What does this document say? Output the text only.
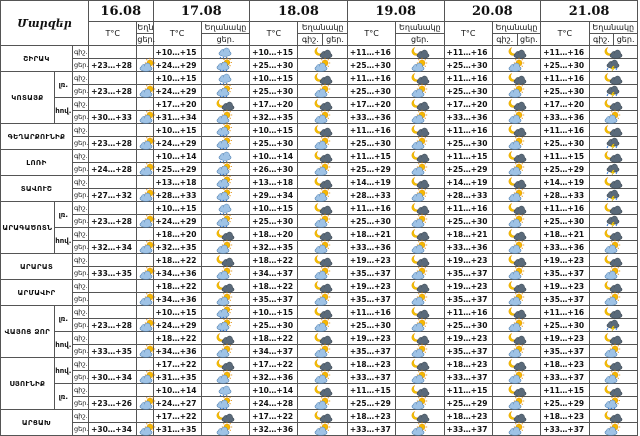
Մարզեր			16.08		17.08		18.08			19.08		20.08			21.08		
			T°C	Եղն	T°C	Եղանակը	T°C	Եղանակը		T°C	Եղանակը	T°C	Եղանակը		T°C	Եղանակը	
				ցեր.		ցեր.		գիշ.	ցեր.		ցեր.		գիշ.	ցեր.		գիշ.	ցեր.
ՇԻՐԱԿ		գիշ.			+10…+15		+10…+15			+11…+16		+11…+16			+11…+16	

		ցեր.	+23…+28		+24…+29		+25…+30			+25…+30		+25…+30			+25…+30	

ԿՈՏԱՅՔ	լռ.	գիշ.			+10…+15		+10…+15			+11…+16		+11…+16			+11…+16	

		ցեր.	+23…+28		+24…+29		+25…+30			+25…+30		+25…+30			+25…+30	

	հով.	գիշ.			+17…+20		+17…+20			+17…+20		+17…+20			+17…+20	

		ցեր.	+30…+33		+31…+34		+32…+35			+33…+36		+33…+36			+33…+36	

ԳԵՂԱՐՔՈՒՆԻՔ		գիշ.			+10…+15		+10…+15			+11…+16		+11…+16			+11…+16	

		ցեր.	+23…+28		+24…+29		+25…+30			+25…+30		+25…+30			+25…+30	

ԼՈՌԻ		գիշ.			+10…+14		+10…+14			+11…+15		+11…+15			+11…+15	

		ցեր.	+24…+28		+25…+29		+26…+30			+25…+29		+25…+29			+25…+29	

ՏԱՎՈՒՇ		գիշ.			+13…+18		+13…+18			+14…+19		+14…+19			+14…+19	

		ցեր.	+27…+32		+28…+33		+29…+34			+28…+33		+28…+33			+28…+33	

ԱՐԱԳԱԾՈՏՆ	լռ.	գիշ.			+10…+15		+10…+15			+11…+16		+11…+16			+11…+16	

		ցեր.	+23…+28		+24…+29		+25…+30			+25…+30		+25…+30			+25…+30	

	հով.	գիշ.			+18…+20		+18…+20			+18…+21		+18…+21			+18…+21	

		ցեր.	+32…+34		+32…+35		+32…+35			+33…+36		+33…+36			+33…+36	

ԱՐԱՐԱՏ		գիշ.			+18…+22		+18…+22			+19…+23		+19…+23			+19…+23	

		ցեր.	+33…+35		+34…+36		+34…+37			+35…+37		+35…+37			+35…+37	

ԱՐՄԱՎԻՐ		գիշ.			+18…+22		+18…+22			+19…+23		+19…+23			+19…+23	

		ցեր.			+34…+36		+35…+37			+35…+37		+35…+37			+35…+37	

ՎԱՅՈՑ ՁՈՐ	լռ.	գիշ.			+10…+15		+10…+15			+11…+16		+11…+16			+11…+16	

		ցեր.	+23…+28		+24…+29		+25…+30			+25…+30		+25…+30			+25…+30	

	հով.	գիշ.			+18…+22		+18…+22			+19…+23		+19…+23			+19…+23	

		ցեր.	+33…+35		+34…+36		+34…+37			+35…+37		+35…+37			+35…+37	

ՍՅՈՒՆԻՔ	հով.	գիշ.			+17…+22		+17…+22			+18…+23		+18…+23			+18…+23	

		ցեր.	+30…+34		+31…+35		+32…+36			+33…+37		+33…+37			+33…+37	

	լռ.	գիշ.			+10…+14		+10…+14			+11…+15		+11…+15			+11…+15	

		ցեր.	+23…+26		+24…+27		+24…+28			+25…+29		+25…+29			+25…+29	

ԱՐՑԱԽ		գիշ.			+17…+22		+17…+22			+18…+23		+18…+23			+18…+23	

		ցեր.	+30…+34		+31…+35		+32…+36			+33…+37		+33…+37			+33…+37	
